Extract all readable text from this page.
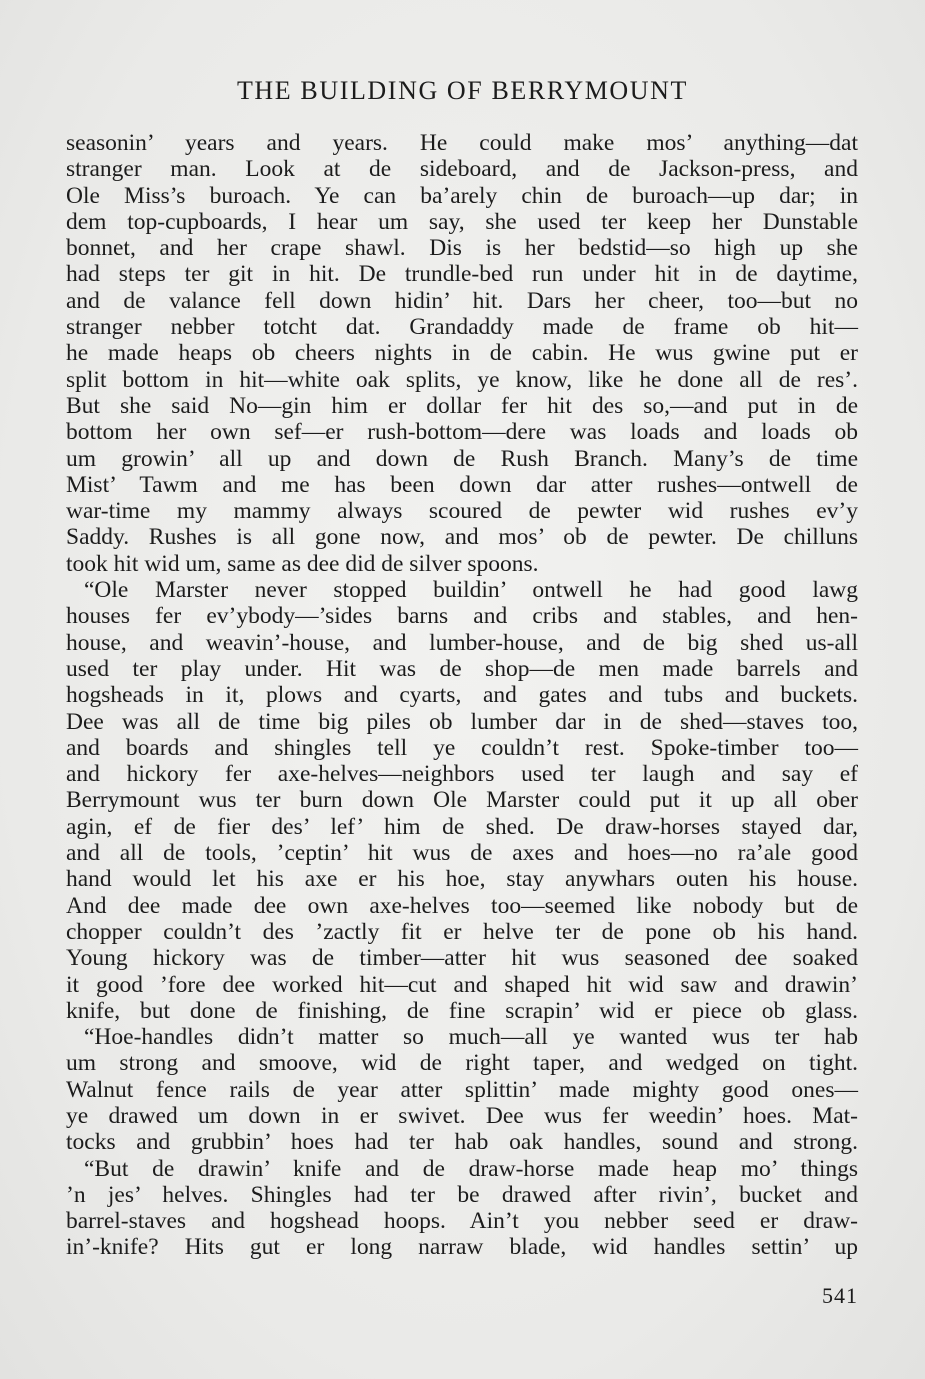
THE BUILDING OF BERRYMOUNT
seasonin’ years and years. He could make mos’ anything—dat
stranger man. Look at de sideboard, and de Jackson-press, and
Ole Miss’s buroach. Ye can ba’arely chin de buroach—up dar; in
dem top-cupboards, I hear um say, she used ter keep her Dunstable
bonnet, and her crape shawl. Dis is her bedstid—so high up she
had steps ter git in hit. De trundle-bed run under hit in de daytime,
and de valance fell down hidin’ hit. Dars her cheer, too—but no
stranger nebber totcht dat. Grandaddy made de frame ob hit—
he made heaps ob cheers nights in de cabin. He wus gwine put er
split bottom in hit—white oak splits, ye know, like he done all de res’.
But she said No—gin him er dollar fer hit des so,—and put in de
bottom her own sef—er rush-bottom—dere was loads and loads ob
um growin’ all up and down de Rush Branch. Many’s de time
Mist’ Tawm and me has been down dar atter rushes—ontwell de
war-time my mammy always scoured de pewter wid rushes ev’y
Saddy. Rushes is all gone now, and mos’ ob de pewter. De chilluns
took hit wid um, same as dee did de silver spoons.
“Ole Marster never stopped buildin’ ontwell he had good lawg
houses fer ev’ybody—’sides barns and cribs and stables, and hen-
house, and weavin’-house, and lumber-house, and de big shed us-all
used ter play under. Hit was de shop—de men made barrels and
hogsheads in it, plows and cyarts, and gates and tubs and buckets.
Dee was all de time big piles ob lumber dar in de shed—staves too,
and boards and shingles tell ye couldn’t rest. Spoke-timber too—
and hickory fer axe-helves—neighbors used ter laugh and say ef
Berrymount wus ter burn down Ole Marster could put it up all ober
agin, ef de fier des’ lef’ him de shed. De draw-horses stayed dar,
and all de tools, ’ceptin’ hit wus de axes and hoes—no ra’ale good
hand would let his axe er his hoe, stay anywhars outen his house.
And dee made dee own axe-helves too—seemed like nobody but de
chopper couldn’t des ’zactly fit er helve ter de pone ob his hand.
Young hickory was de timber—atter hit wus seasoned dee soaked
it good ’fore dee worked hit—cut and shaped hit wid saw and drawin’
knife, but done de finishing, de fine scrapin’ wid er piece ob glass.
“Hoe-handles didn’t matter so much—all ye wanted wus ter hab
um strong and smoove, wid de right taper, and wedged on tight.
Walnut fence rails de year atter splittin’ made mighty good ones—
ye drawed um down in er swivet. Dee wus fer weedin’ hoes. Mat-
tocks and grubbin’ hoes had ter hab oak handles, sound and strong.
“But de drawin’ knife and de draw-horse made heap mo’ things
’n jes’ helves. Shingles had ter be drawed after rivin’, bucket and
barrel-staves and hogshead hoops. Ain’t you nebber seed er draw-
in’-knife? Hits gut er long narraw blade, wid handles settin’ up
541
